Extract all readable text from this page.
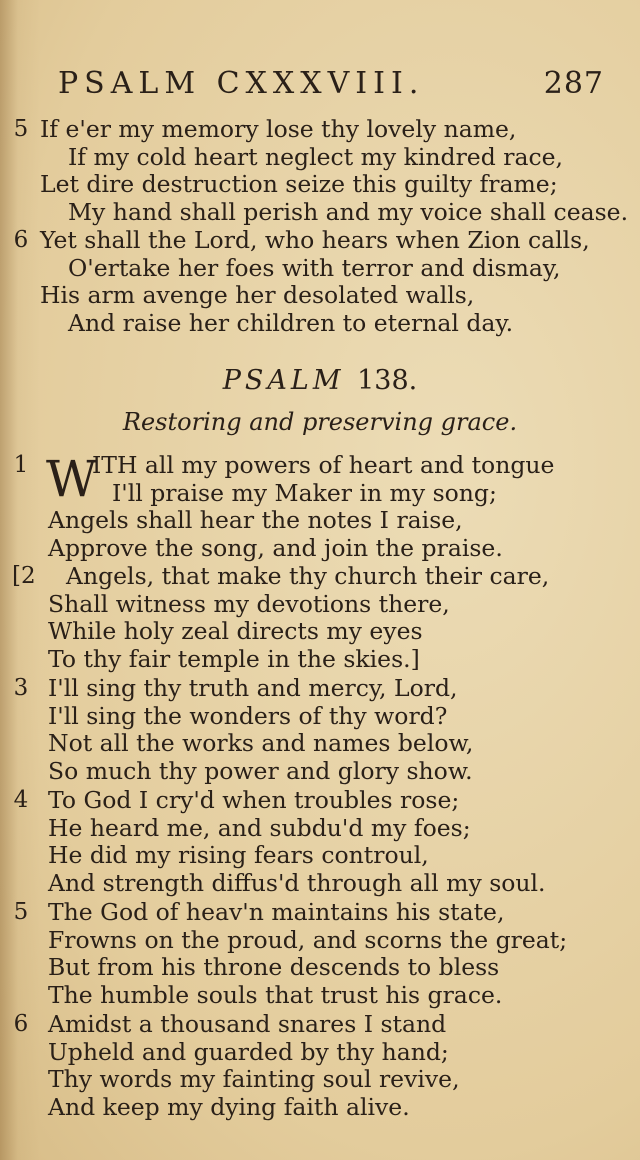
PSALM CXXXVIII.	287
5 If e'er my memory lose thy lovely name,
If my cold heart neglect my kindred race,
Let dire destruction seize this guilty frame;
My hand shall perish and my voice shall cease.
6 Yet shall the Lord, who hears when Zion calls,
O'ertake her foes with terror and dismay,
His arm avenge her desolated walls,
And raise her children to eternal day.
PSALM 138.
Restoring and preserving grace.
W
1	ITH all my powers of heart and tongue
I'll praise my Maker in my song;
Angels shall hear the notes I raise,
Approve the song, and join the praise.
[2	Angels, that make thy church their care,
Shall witness my devotions there,
While holy zeal directs my eyes
To thy fair temple in the skies.]
3 I'll sing thy truth and mercy, Lord,
I'll sing the wonders of thy word?
Not all the works and names below,
So much thy power and glory show.
4 To God I cry'd when troubles rose;
He heard me, and subdu'd my foes;
He did my rising fears controul,
And strength diffus'd through all my soul.
5 The God of heav'n maintains his state,
Frowns on the proud, and scorns the great;
But from his throne descends to bless
The humble souls that trust his grace.
6 Amidst a thousand snares I stand
Upheld and guarded by thy hand;
Thy words my fainting soul revive,
And keep my dying faith alive.
